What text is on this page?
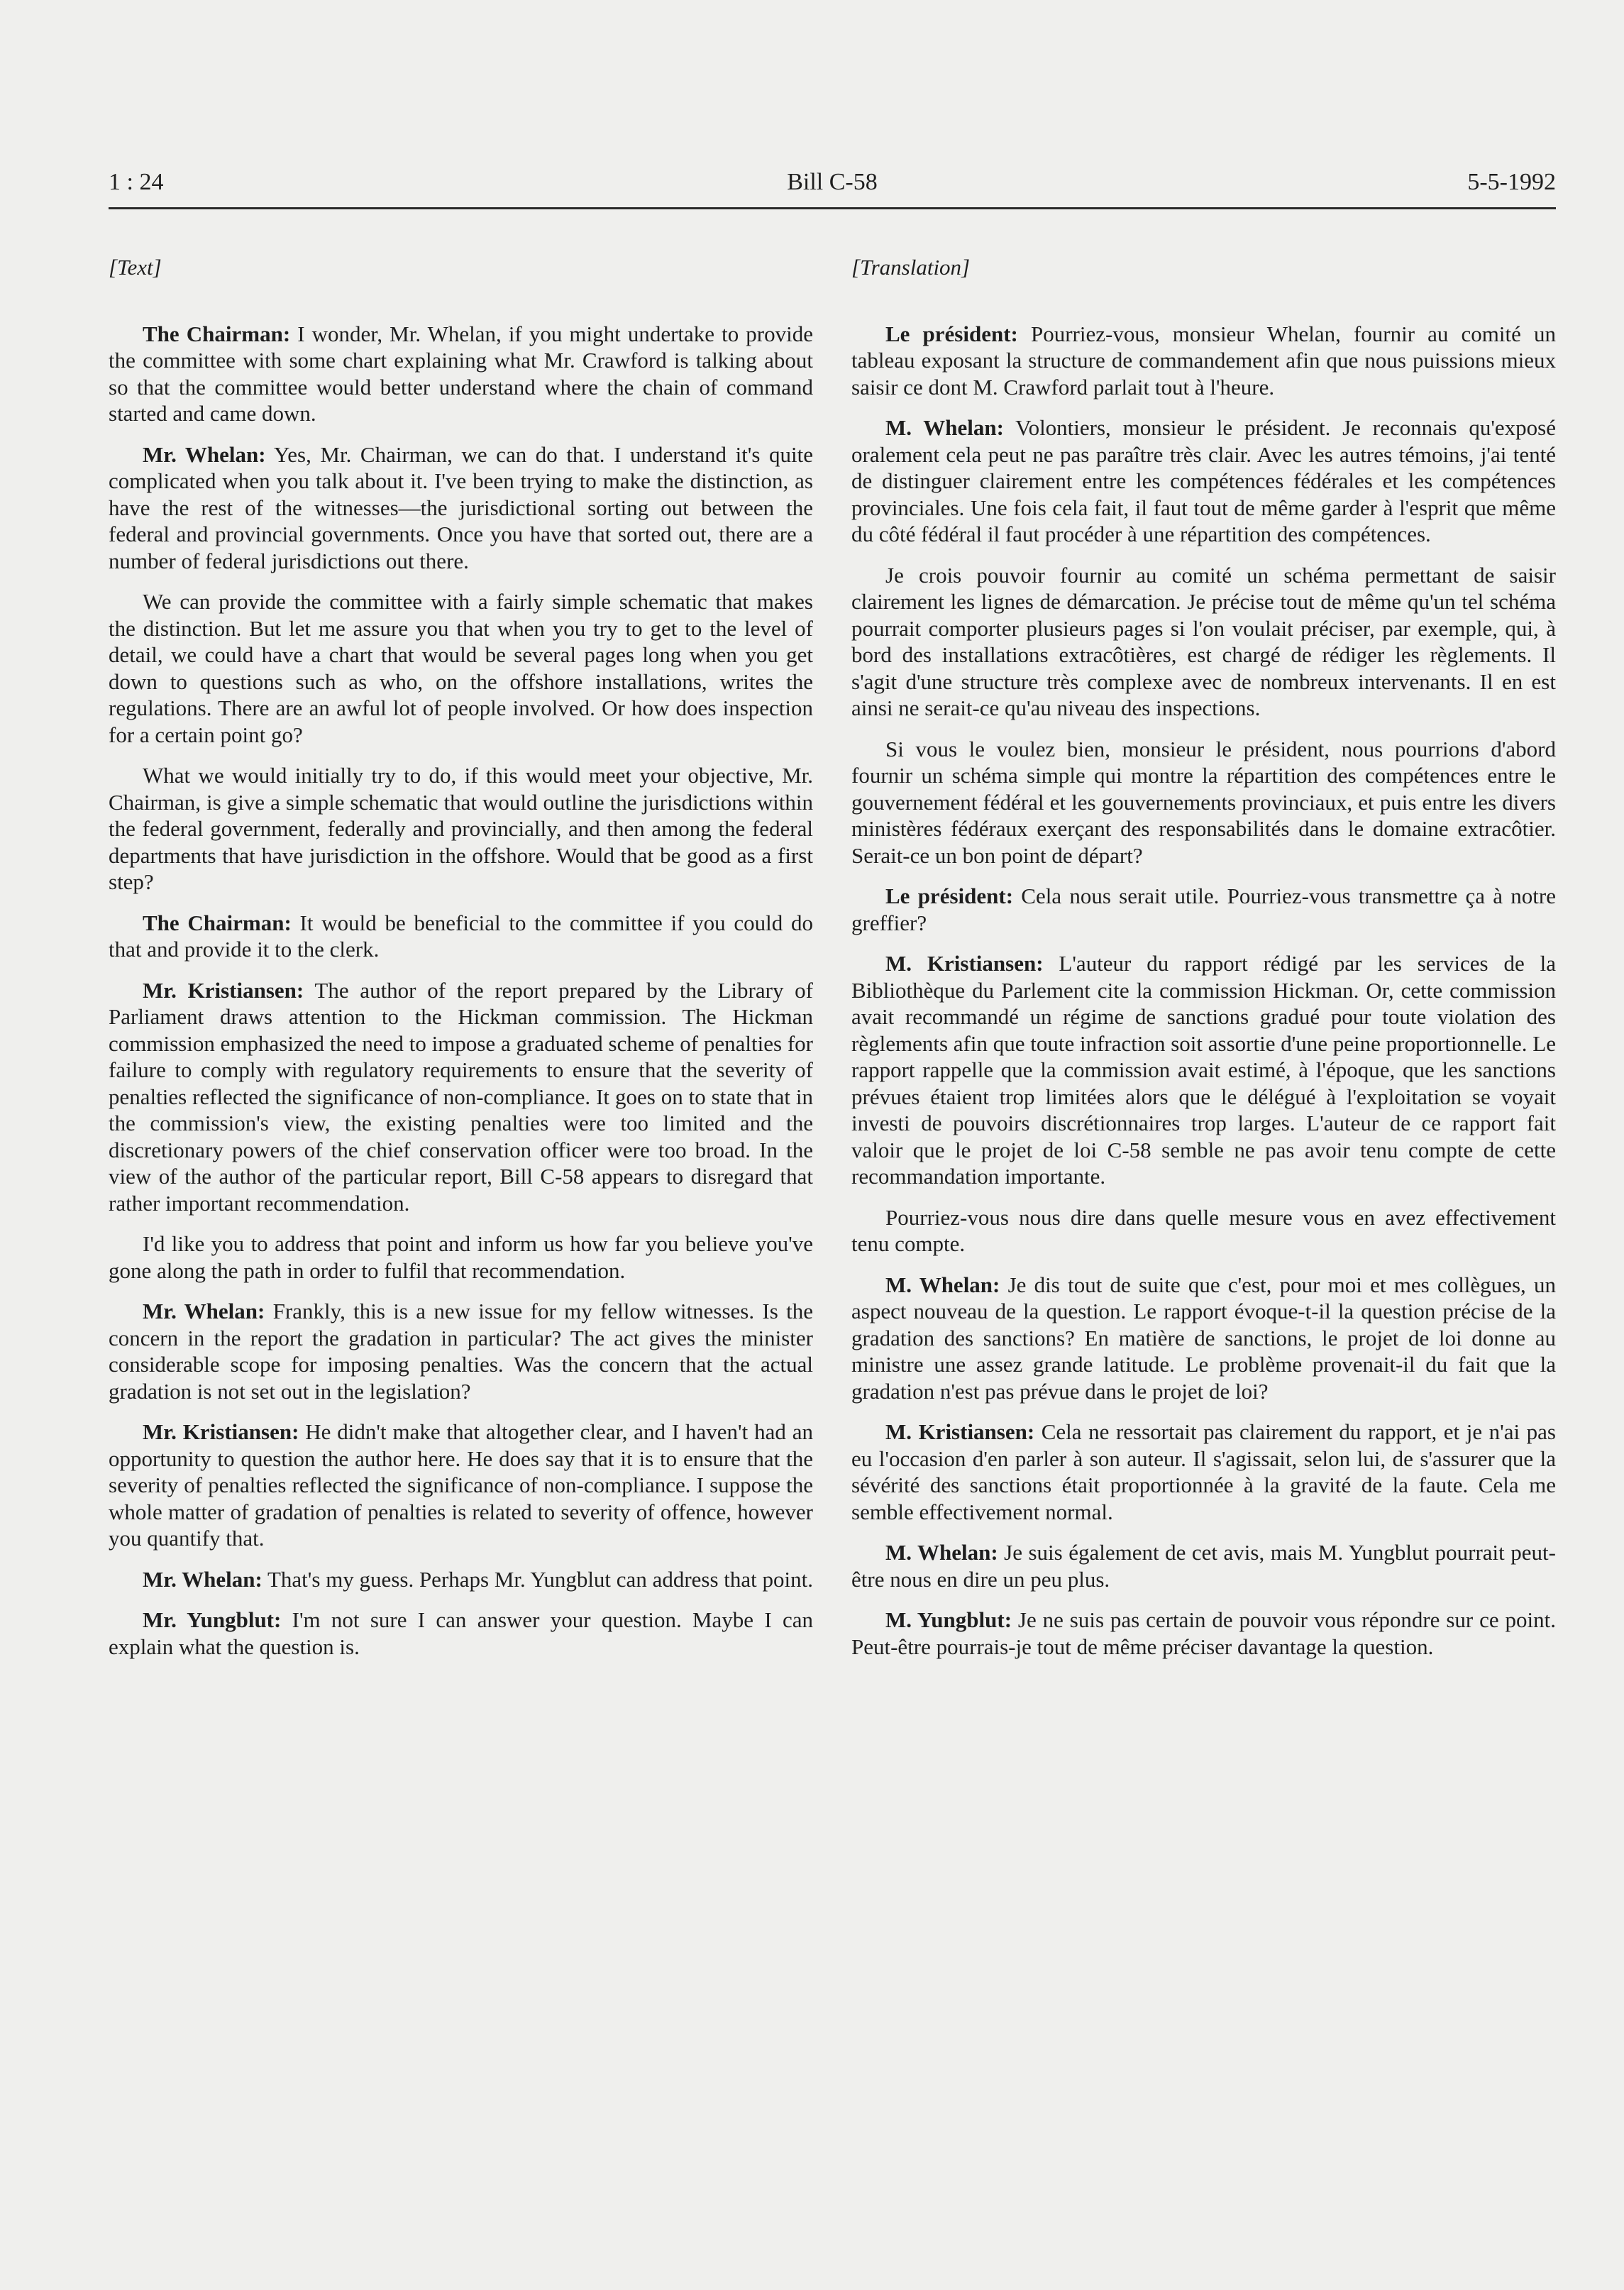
1 : 24	Bill C-58	5-5-1992
[Text]

The Chairman: I wonder, Mr. Whelan, if you might undertake to provide the committee with some chart explaining what Mr. Crawford is talking about so that the committee would better understand where the chain of command started and came down.

Mr. Whelan: Yes, Mr. Chairman, we can do that. I understand it's quite complicated when you talk about it. I've been trying to make the distinction, as have the rest of the witnesses—the jurisdictional sorting out between the federal and provincial governments. Once you have that sorted out, there are a number of federal jurisdictions out there.

We can provide the committee with a fairly simple schematic that makes the distinction. But let me assure you that when you try to get to the level of detail, we could have a chart that would be several pages long when you get down to questions such as who, on the offshore installations, writes the regulations. There are an awful lot of people involved. Or how does inspection for a certain point go?

What we would initially try to do, if this would meet your objective, Mr. Chairman, is give a simple schematic that would outline the jurisdictions within the federal government, federally and provincially, and then among the federal departments that have jurisdiction in the offshore. Would that be good as a first step?

The Chairman: It would be beneficial to the committee if you could do that and provide it to the clerk.

Mr. Kristiansen: The author of the report prepared by the Library of Parliament draws attention to the Hickman commission. The Hickman commission emphasized the need to impose a graduated scheme of penalties for failure to comply with regulatory requirements to ensure that the severity of penalties reflected the significance of non-compliance. It goes on to state that in the commission's view, the existing penalties were too limited and the discretionary powers of the chief conservation officer were too broad. In the view of the author of the particular report, Bill C-58 appears to disregard that rather important recommendation.

I'd like you to address that point and inform us how far you believe you've gone along the path in order to fulfil that recommendation.

Mr. Whelan: Frankly, this is a new issue for my fellow witnesses. Is the concern in the report the gradation in particular? The act gives the minister considerable scope for imposing penalties. Was the concern that the actual gradation is not set out in the legislation?

Mr. Kristiansen: He didn't make that altogether clear, and I haven't had an opportunity to question the author here. He does say that it is to ensure that the severity of penalties reflected the significance of non-compliance. I suppose the whole matter of gradation of penalties is related to severity of offence, however you quantify that.

Mr. Whelan: That's my guess. Perhaps Mr. Yungblut can address that point.

Mr. Yungblut: I'm not sure I can answer your question. Maybe I can explain what the question is.

[Translation]

Le président: Pourriez-vous, monsieur Whelan, fournir au comité un tableau exposant la structure de commandement afin que nous puissions mieux saisir ce dont M. Crawford parlait tout à l'heure.

M. Whelan: Volontiers, monsieur le président. Je reconnais qu'exposé oralement cela peut ne pas paraître très clair. Avec les autres témoins, j'ai tenté de distinguer clairement entre les compétences fédérales et les compétences provinciales. Une fois cela fait, il faut tout de même garder à l'esprit que même du côté fédéral il faut procéder à une répartition des compétences.

Je crois pouvoir fournir au comité un schéma permettant de saisir clairement les lignes de démarcation. Je précise tout de même qu'un tel schéma pourrait comporter plusieurs pages si l'on voulait préciser, par exemple, qui, à bord des installations extracôtières, est chargé de rédiger les règlements. Il s'agit d'une structure très complexe avec de nombreux intervenants. Il en est ainsi ne serait-ce qu'au niveau des inspections.

Si vous le voulez bien, monsieur le président, nous pourrions d'abord fournir un schéma simple qui montre la répartition des compétences entre le gouvernement fédéral et les gouvernements provinciaux, et puis entre les divers ministères fédéraux exerçant des responsabilités dans le domaine extracôtier. Serait-ce un bon point de départ?

Le président: Cela nous serait utile. Pourriez-vous transmettre ça à notre greffier?

M. Kristiansen: L'auteur du rapport rédigé par les services de la Bibliothèque du Parlement cite la commission Hickman. Or, cette commission avait recommandé un régime de sanctions gradué pour toute violation des règlements afin que toute infraction soit assortie d'une peine proportionnelle. Le rapport rappelle que la commission avait estimé, à l'époque, que les sanctions prévues étaient trop limitées alors que le délégué à l'exploitation se voyait investi de pouvoirs discrétionnaires trop larges. L'auteur de ce rapport fait valoir que le projet de loi C-58 semble ne pas avoir tenu compte de cette recommandation importante.

Pourriez-vous nous dire dans quelle mesure vous en avez effectivement tenu compte.

M. Whelan: Je dis tout de suite que c'est, pour moi et mes collègues, un aspect nouveau de la question. Le rapport évoque-t-il la question précise de la gradation des sanctions? En matière de sanctions, le projet de loi donne au ministre une assez grande latitude. Le problème provenait-il du fait que la gradation n'est pas prévue dans le projet de loi?

M. Kristiansen: Cela ne ressortait pas clairement du rapport, et je n'ai pas eu l'occasion d'en parler à son auteur. Il s'agissait, selon lui, de s'assurer que la sévérité des sanctions était proportionnée à la gravité de la faute. Cela me semble effectivement normal.

M. Whelan: Je suis également de cet avis, mais M. Yungblut pourrait peut-être nous en dire un peu plus.

M. Yungblut: Je ne suis pas certain de pouvoir vous répondre sur ce point. Peut-être pourrais-je tout de même préciser davantage la question.
